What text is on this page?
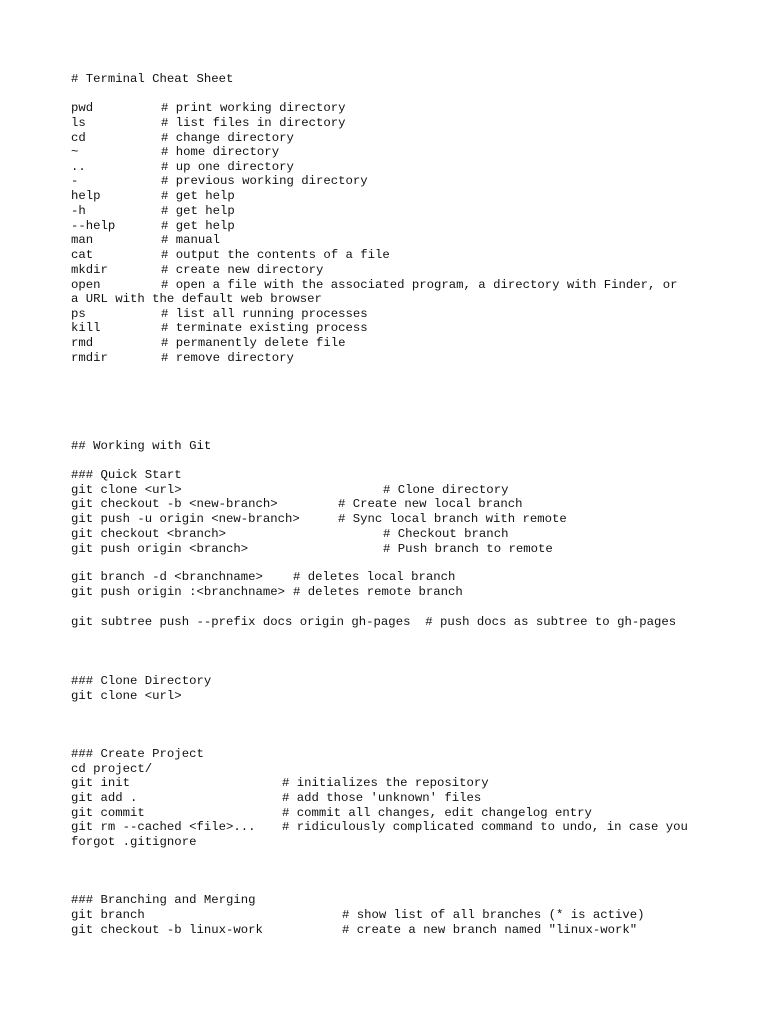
# Terminal Cheat Sheet
pwd	# print working directory
ls	# list files in directory
cd	# change directory
~	# home directory
..	# up one directory
-	# previous working directory
help	# get help
-h	# get help
--help	# get help
man	# manual
cat	# output the contents of a file
mkdir	# create new directory
open	# open a file with the associated program, a directory with Finder, or
a URL with the default web browser
ps	# list all running processes
kill	# terminate existing process
rmd	# permanently delete file
rmdir	# remove directory
## Working with Git
### Quick Start
git clone <url>	# Clone directory
git checkout -b <new-branch>	# Create new local branch
git push -u origin <new-branch>	# Sync local branch with remote
git checkout <branch>	# Checkout branch
git push origin <branch>	# Push branch to remote
git branch -d <branchname> # deletes local branch
git push origin :<branchname> # deletes remote branch
git subtree push --prefix docs origin gh-pages  # push docs as subtree to gh-pages
### Clone Directory
git clone <url>
### Create Project
cd project/
git init	# initializes the repository
git add .	# add those 'unknown' files
git commit	# commit all changes, edit changelog entry
git rm --cached <file>... # ridiculously complicated command to undo, in case you
forgot .gitignore
### Branching and Merging
git branch	# show list of all branches (* is active)
git checkout -b linux-work	# create a new branch named "linux-work"
